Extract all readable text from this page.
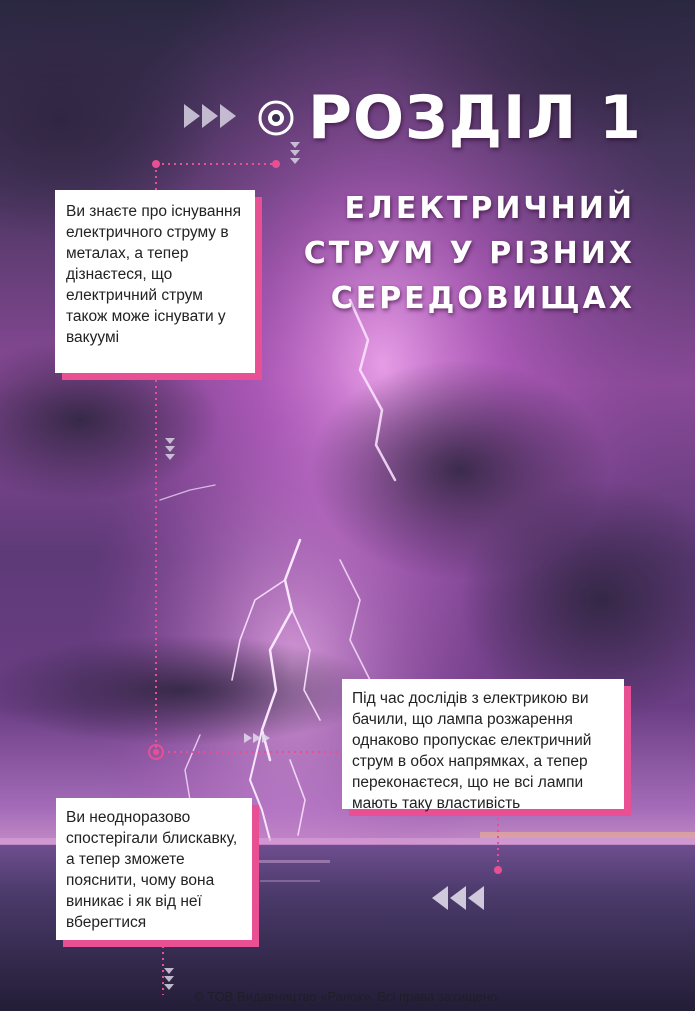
РОЗДІЛ 1
ЕЛЕКТРИЧНИЙ
СТРУМ У РІЗНИХ
СЕРЕДОВИЩАХ

Ви знаєте про існування електричного струму в металах, а тепер дізнаєтеся, що електричний струм також може існувати у вакуумі

Під час дослідів з електрикою ви бачили, що лампа розжарення однаково пропускає електричний струм в обох напрямках, а тепер переконаєтеся, що не всі лампи мають таку властивість

Ви неодноразово спостерігали блискавку, а тепер зможете пояснити, чому вона виникає і як від неї вберегтися

© ТОВ Видавництво «Ранок». Всі права захищено.
